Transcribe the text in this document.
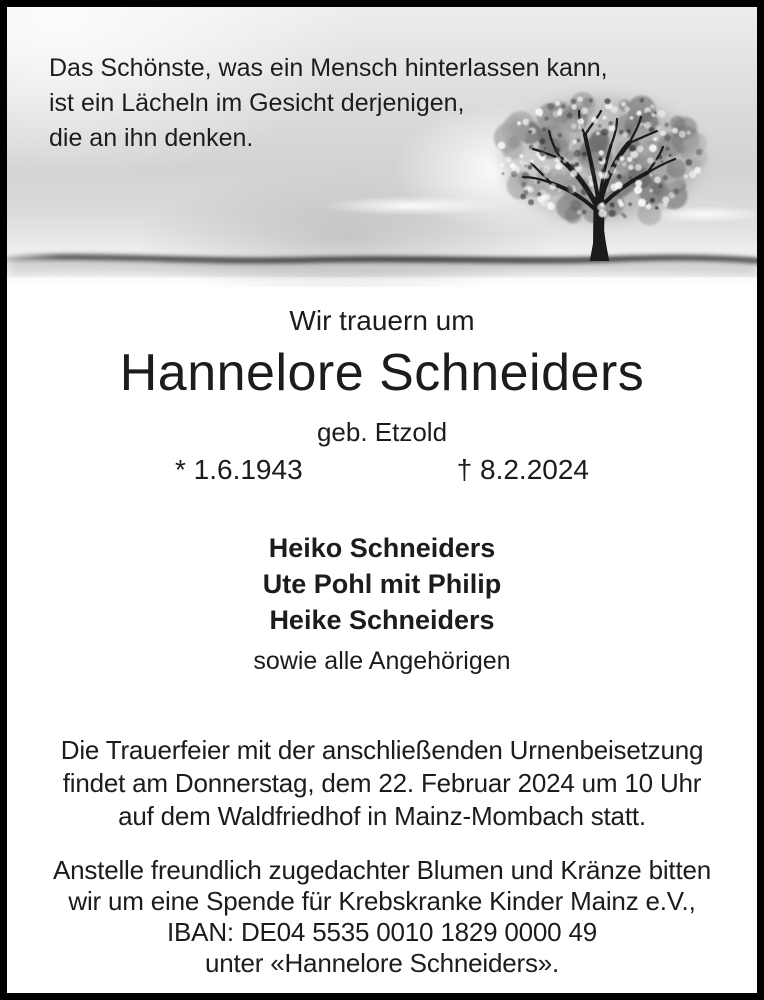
Das Schönste, was ein Mensch hinterlassen kann,
ist ein Lächeln im Gesicht derjenigen,
die an ihn denken.
Wir trauern um
Hannelore Schneiders
geb. Etzold
* 1.6.1943	† 8.2.2024
Heiko Schneiders
Ute Pohl mit Philip
Heike Schneiders
sowie alle Angehörigen
Die Trauerfeier mit der anschließenden Urnenbeisetzung
findet am Donnerstag, dem 22. Februar 2024 um 10 Uhr
auf dem Waldfriedhof in Mainz-Mombach statt.
Anstelle freundlich zugedachter Blumen und Kränze bitten
wir um eine Spende für Krebskranke Kinder Mainz e.V.,
IBAN: DE04 5535 0010 1829 0000 49
unter «Hannelore Schneiders».
